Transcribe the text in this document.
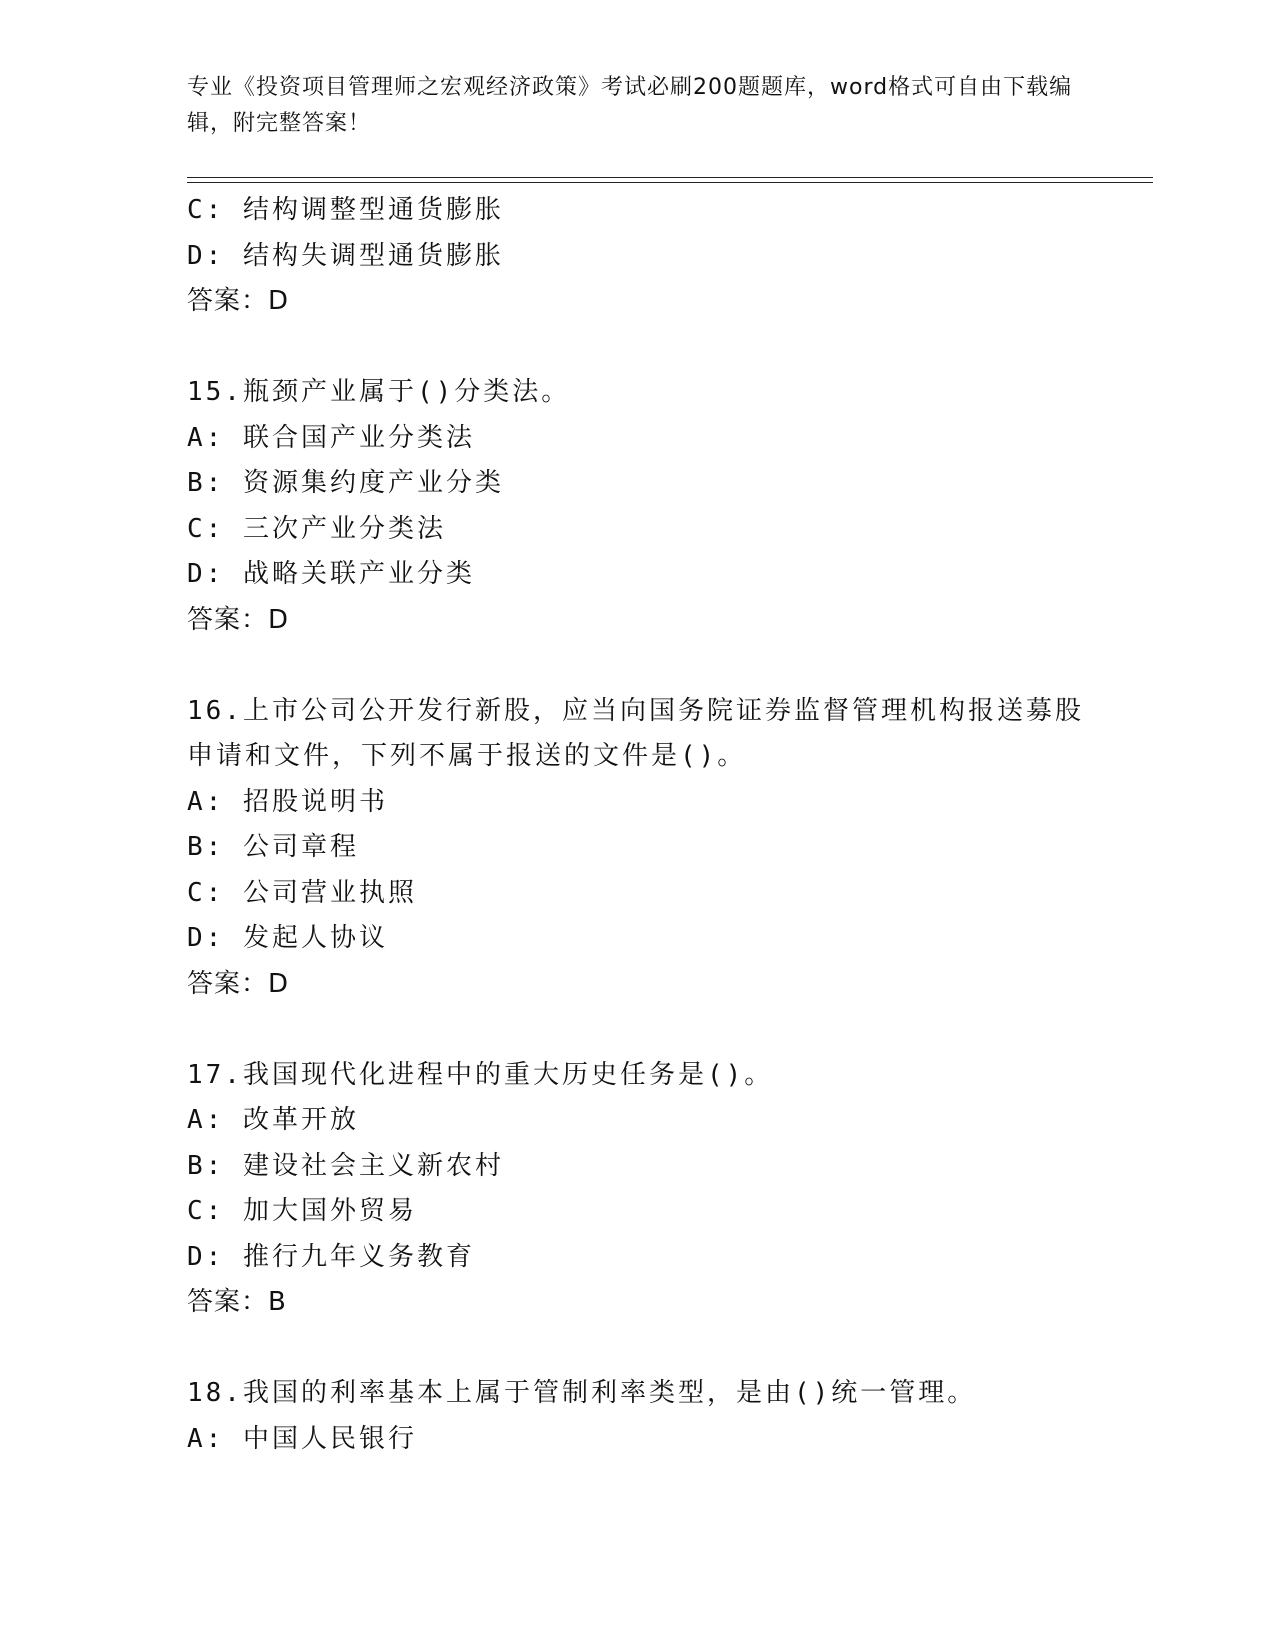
专业《投资项目管理师之宏观经济政策》考试必刷200题题库，word格式可自由下载编辑，附完整答案！
C: 结构调整型通货膨胀
D: 结构失调型通货膨胀
答案：D
15.瓶颈产业属于()分类法。
A: 联合国产业分类法
B: 资源集约度产业分类
C: 三次产业分类法
D: 战略关联产业分类
答案：D
16.上市公司公开发行新股，应当向国务院证券监督管理机构报送募股申请和文件，下列不属于报送的文件是()。
A: 招股说明书
B: 公司章程
C: 公司营业执照
D: 发起人协议
答案：D
17.我国现代化进程中的重大历史任务是()。
A: 改革开放
B: 建设社会主义新农村
C: 加大国外贸易
D: 推行九年义务教育
答案：B
18.我国的利率基本上属于管制利率类型，是由()统一管理。
A: 中国人民银行
